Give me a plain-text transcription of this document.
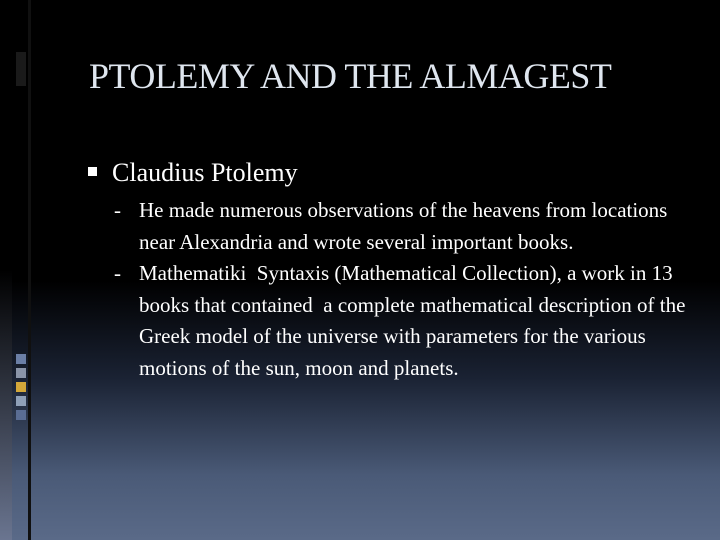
PTOLEMY AND THE ALMAGEST
Claudius Ptolemy
- He made numerous observations of the heavens from locations near Alexandria and wrote several important books.
- Mathematiki  Syntaxis (Mathematical Collection), a work in 13 books that contained  a complete mathematical description of the Greek model of the universe with parameters for the various motions of the sun, moon and planets.
